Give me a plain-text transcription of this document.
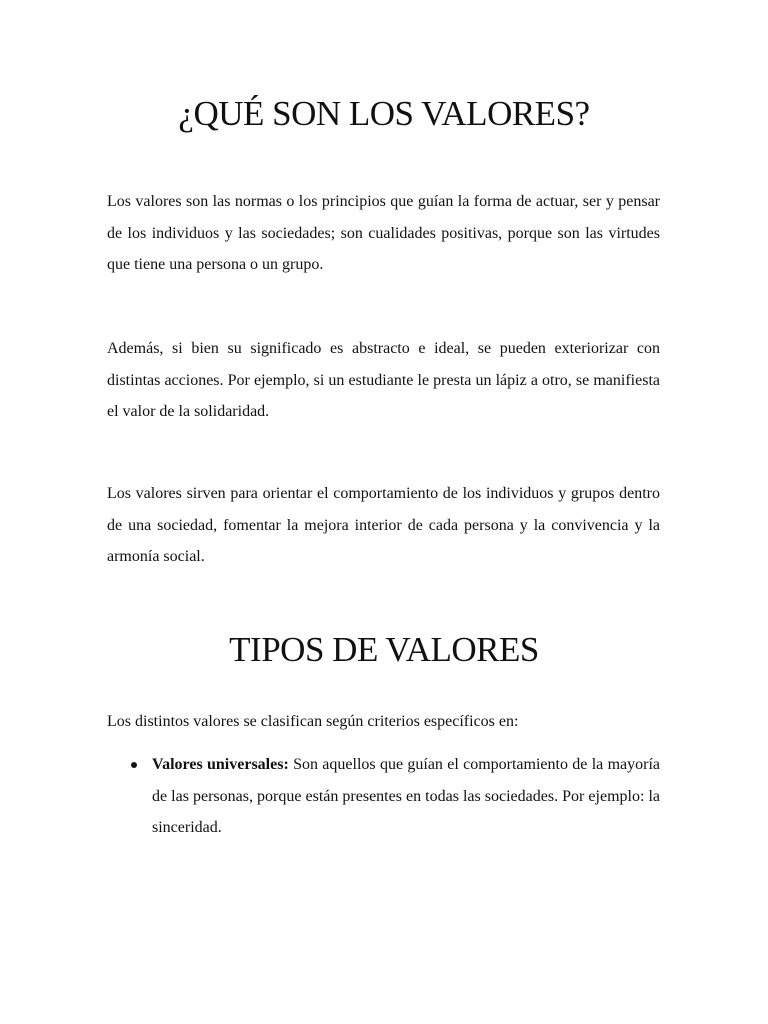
¿QUÉ SON LOS VALORES?

Los valores son las normas o los principios que guían la forma de actuar, ser y pensar de los individuos y las sociedades; son cualidades positivas, porque son las virtudes que tiene una persona o un grupo.

Además, si bien su significado es abstracto e ideal, se pueden exteriorizar con distintas acciones. Por ejemplo, si un estudiante le presta un lápiz a otro, se manifiesta el valor de la solidaridad.

Los valores sirven para orientar el comportamiento de los individuos y grupos dentro de una sociedad, fomentar la mejora interior de cada persona y la convivencia y la armonía social.

TIPOS DE VALORES

Los distintos valores se clasifican según criterios específicos en:

Valores universales: Son aquellos que guían el comportamiento de la mayoría de las personas, porque están presentes en todas las sociedades. Por ejemplo: la sinceridad.
